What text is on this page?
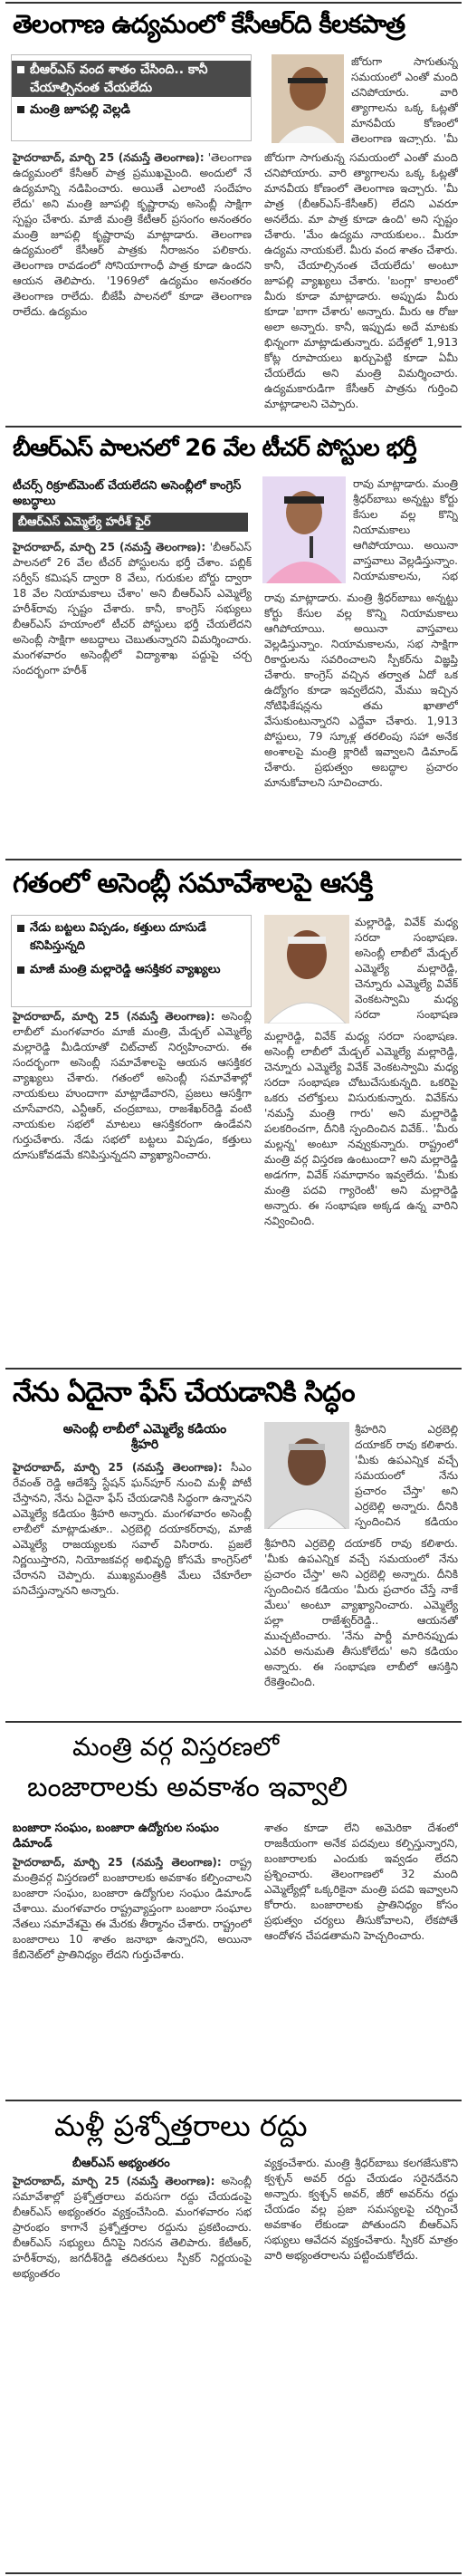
తెలంగాణ ఉద్యమంలో కేసీఆర్‌ది కీలకపాత్ర
బీఆర్‌ఎస్ వంద శాతం చేసింది.. కానీ చేయాల్సినంత చేయలేదు
మంత్రి జూపల్లి వెల్లడి
హైదరాబాద్, మార్చి 25 (నమస్తే తెలంగాణ): 'తెలంగాణ ఉద్యమంలో కేసీఆర్ పాత్ర ప్రముఖమైంది. అందులో నే ఉద్యమాన్ని నడిపించారు. అయితే ఎలాంటి సందేహం లేదు' అని మంత్రి జూపల్లి కృష్ణారావు అసెంబ్లీ సాక్షిగా స్పష్టం చేశారు. మాజీ మంత్రి కేటీఆర్ ప్రసంగం అనంతరం మంత్రి జూపల్లి కృష్ణారావు మాట్లాడారు. తెలంగాణ ఉద్యమంలో కేసీఆర్ పాత్రకు నీరాజనం పలికారు. తెలంగాణ రావడంలో సోనియాగాంధీ పాత్ర కూడా ఉందని ఆయన తెలిపారు. '1969లో ఉద్యమం అనంతరం తెలంగాణ రాలేదు. బీజేపీ పాలనలో కూడా తెలంగాణ రాలేదు. ఉద్యమం
జోరుగా సాగుతున్న సమయంలో ఎంతో మంది చనిపోయారు. వారి త్యాగాలను ఒక్క ఓట్లతో మానవీయ కోణంలో తెలంగాణ ఇచ్చారు. 'మీ
జోరుగా సాగుతున్న సమయంలో ఎంతో మంది చనిపోయారు. వారి త్యాగాలను ఒక్క ఓట్లతో మానవీయ కోణంలో తెలంగాణ ఇచ్చారు. 'మీ పాత్ర (బీఆర్‌ఎస్-కేసీఆర్) లేదని ఎవరూ అనలేదు. మా పాత్ర కూడా ఉంది' అని స్పష్టం చేశారు. 'మేం ఉద్యమ నాయకులం.. మీరూ ఉద్యమ నాయకులే. మీరు వంద శాతం చేశారు. కానీ, చేయాల్సినంత చేయలేదు' అంటూ జూపల్లి వ్యాఖ్యలు చేశారు. 'బంగ్లా' కాలంలో మీరు కూడా మాట్లాడారు. అప్పుడు మీరు కూడా 'బాగా చేశారు' అన్నారు. మీరు ఆ రోజు అలా అన్నారు. కానీ, ఇప్పుడు అదే మాటకు భిన్నంగా మాట్లాడుతున్నారు. పదేళ్లలో 1,913 కోట్ల రూపాయలు ఖర్చుపెట్టి కూడా ఏమీ చేయలేదు అని మంత్రి విమర్శించారు. ఉద్యమకారుడిగా కేసీఆర్ పాత్రను గుర్తించి మాట్లాడాలని చెప్పారు.
బీఆర్‌ఎస్ పాలనలో 26 వేల టీచర్ పోస్టుల భర్తీ
టీచర్స్ రిక్రూట్‌మెంట్‌ చేయలేదని అసెంబ్లీలో కాంగ్రెస్ అబద్ధాలు
బీఆర్‌ఎస్ ఎమ్మెల్యే హరీశ్ ఫైర్
హైదరాబాద్, మార్చి 25 (నమస్తే తెలంగాణ): 'బీఆర్‌ఎస్ పాలనలో 26 వేల టీచర్ పోస్టులను భర్తీ చేశాం. పబ్లిక్ సర్వీస్ కమిషన్ ద్వారా 8 వేలు, గురుకుల బోర్డు ద్వారా 18 వేల నియామకాలు చేశాం' అని బీఆర్‌ఎస్ ఎమ్మెల్యే హరీశ్‌రావు స్పష్టం చేశారు. కానీ, కాంగ్రెస్ సభ్యులు బీఆర్‌ఎస్ హయాంలో టీచర్ పోస్టులు భర్తీ చేయలేదని అసెంబ్లీ సాక్షిగా అబద్ధాలు చెబుతున్నారని విమర్శించారు. మంగళవారం అసెంబ్లీలో విద్యాశాఖ పద్దుపై చర్చ సందర్భంగా హరీశ్
రావు మాట్లాడారు. మంత్రి శ్రీధర్‌బాబు అన్నట్టు కోర్టు కేసుల వల్ల కొన్ని నియామకాలు ఆగిపోయాయి. అయినా వాస్తవాలు వెల్లడిస్తున్నాం. నియామకాలను, సభ
రావు మాట్లాడారు. మంత్రి శ్రీధర్‌బాబు అన్నట్టు కోర్టు కేసుల వల్ల కొన్ని నియామకాలు ఆగిపోయాయి. అయినా వాస్తవాలు వెల్లడిస్తున్నాం. నియామకాలను, సభ సాక్షిగా రికార్డులను సవరించాలని స్పీకర్‌ను విజ్ఞప్తి చేశారు. కాంగ్రెస్ వచ్చిన తర్వాత ఏదో ఒక ఉద్యోగం కూడా ఇవ్వలేదని, మేము ఇచ్చిన నోటిఫికేషన్లను తమ ఖాతాలో వేసుకుంటున్నారని ఎద్దేవా చేశారు. 1,913 పోస్టులు, 79 స్కూళ్ల తరలింపు సహా అనేక అంశాలపై మంత్రి క్లారిటీ ఇవ్వాలని డిమాండ్ చేశారు. ప్రభుత్వం అబద్ధాల ప్రచారం మానుకోవాలని సూచించారు.
గతంలో అసెంబ్లీ సమావేశాలపై ఆసక్తి
నేడు బట్టలు విప్పడం, కత్తులు దూసుడే కనిపిస్తున్నది
మాజీ మంత్రి మల్లారెడ్డి ఆసక్తికర వ్యాఖ్యలు
హైదరాబాద్, మార్చి 25 (నమస్తే తెలంగాణ): అసెంబ్లీ లాబీలో మంగళవారం మాజీ మంత్రి, మేడ్చల్ ఎమ్మెల్యే మల్లారెడ్డి మీడియాతో చిట్‌చాట్ నిర్వహించారు. ఈ సందర్భంగా అసెంబ్లీ సమావేశాలపై ఆయన ఆసక్తికర వ్యాఖ్యలు చేశారు. గతంలో అసెంబ్లీ సమావేశాల్లో నాయకులు హుందాగా మాట్లాడేవారని, ప్రజలు ఆసక్తిగా చూసేవారని, ఎన్టీఆర్, చంద్రబాబు, రాజశేఖర్‌రెడ్డి వంటి నాయకుల సభలో మాటలు ఆసక్తికరంగా ఉండేవని గుర్తుచేశారు. నేడు సభలో బట్టలు విప్పడం, కత్తులు దూసుకోవడమే కనిపిస్తున్నదని వ్యాఖ్యానించారు.
మల్లారెడ్డి, వివేక్ మధ్య సరదా సంభాషణ. అసెంబ్లీ లాబీలో మేడ్చల్ ఎమ్మెల్యే మల్లారెడ్డి, చెన్నూరు ఎమ్మెల్యే వివేక్ వెంకటస్వామి మధ్య సరదా సంభాషణ
మల్లారెడ్డి, వివేక్ మధ్య సరదా సంభాషణ. అసెంబ్లీ లాబీలో మేడ్చల్ ఎమ్మెల్యే మల్లారెడ్డి, చెన్నూరు ఎమ్మెల్యే వివేక్ వెంకటస్వామి మధ్య సరదా సంభాషణ చోటుచేసుకున్నది. ఒకరిపై ఒకరు చలోక్తులు విసురుకున్నారు. వివేక్‌ను 'నమస్తే మంత్రి గారు' అని మల్లారెడ్డి పలకరించగా, దీనికి స్పందించిన వివేక్.. 'మీరు మల్లన్న' అంటూ నవ్వుకున్నారు. రాష్ట్రంలో మంత్రి వర్గ విస్తరణ ఉంటుందా? అని మల్లారెడ్డి అడగగా, వివేక్ సమాధానం ఇవ్వలేదు. 'మీకు మంత్రి పదవి గ్యారెంటీ' అని మల్లారెడ్డి అన్నారు. ఈ సంభాషణ అక్కడ ఉన్న వారిని నవ్వించింది.
నేను ఏదైనా ఫేస్ చేయడానికి సిద్ధం
అసెంబ్లీ లాబీలో ఎమ్మెల్యే కడియం శ్రీహరి
హైదరాబాద్, మార్చి 25 (నమస్తే తెలంగాణ): సీఎం రేవంత్ రెడ్డి ఆదేశిస్తే స్టేషన్ ఘన్‌పూర్ నుంచి మళ్లీ పోటీ చేస్తానని, నేను ఏదైనా ఫేస్ చేయడానికి సిద్ధంగా ఉన్నానని ఎమ్మెల్యే కడియం శ్రీహరి అన్నారు. మంగళవారం అసెంబ్లీ లాబీలో మాట్లాడుతూ.. ఎర్రబెల్లి దయాకర్‌రావు, మాజీ ఎమ్మెల్యే రాజయ్యలకు సవాల్ విసిరారు. ప్రజలే నిర్ణయిస్తారని, నియోజకవర్గ అభివృద్ధి కోసమే కాంగ్రెస్‌లో చేరానని చెప్పారు. ముఖ్యమంత్రికి మేలు చేకూరేలా పనిచేస్తున్నానని అన్నారు.
శ్రీహరిని ఎర్రబెల్లి దయాకర్ రావు కలిశారు. 'మీకు ఉపఎన్నిక వచ్చే సమయంలో నేను ప్రచారం చేస్తా' అని ఎర్రబెల్లి అన్నారు. దీనికి స్పందించిన కడియం
శ్రీహరిని ఎర్రబెల్లి దయాకర్ రావు కలిశారు. 'మీకు ఉపఎన్నిక వచ్చే సమయంలో నేను ప్రచారం చేస్తా' అని ఎర్రబెల్లి అన్నారు. దీనికి స్పందించిన కడియం 'మీరు ప్రచారం చేస్తే నాకే మేలు' అంటూ వ్యాఖ్యానించారు. ఎమ్మెల్యే పల్లా రాజేశ్వర్‌రెడ్డి.. ఆయనతో ముచ్చటించారు. 'నేను పార్టీ మారినప్పుడు ఎవరి అనుమతి తీసుకోలేదు' అని కడియం అన్నారు. ఈ సంభాషణ లాబీలో ఆసక్తిని రేకెత్తించింది.
మంత్రి వర్గ విస్తరణలో
బంజారాలకు అవకాశం ఇవ్వాలి
బంజారా సంఘం, బంజారా ఉద్యోగుల సంఘం డిమాండ్
హైదరాబాద్, మార్చి 25 (నమస్తే తెలంగాణ): రాష్ట్ర మంత్రివర్గ విస్తరణలో బంజారాలకు అవకాశం కల్పించాలని బంజారా సంఘం, బంజారా ఉద్యోగుల సంఘం డిమాండ్ చేశాయి. మంగళవారం రాష్ట్రవ్యాప్తంగా బంజారా సంఘాల నేతలు సమావేశమై ఈ మేరకు తీర్మానం చేశారు. రాష్ట్రంలో బంజారాలు 10 శాతం జనాభా ఉన్నారని, అయినా కేబినెట్‌లో ప్రాతినిధ్యం లేదని గుర్తుచేశారు.
శాతం కూడా లేని అమెరికా దేశంలో రాజకీయంగా అనేక పదవులు కల్పిస్తున్నారని, బంజారాలకు ఎందుకు ఇవ్వడం లేదని ప్రశ్నించారు. తెలంగాణలో 32 మంది ఎమ్మెల్యేల్లో ఒక్కరికైనా మంత్రి పదవి ఇవ్వాలని కోరారు. బంజారాలకు ప్రాతినిధ్యం కోసం ప్రభుత్వం చర్యలు తీసుకోవాలని, లేకపోతే ఆందోళన చేపడతామని హెచ్చరించారు.
మళ్లీ ప్రశ్నోత్తరాలు రద్దు
బీఆర్‌ఎస్ అభ్యంతరం
హైదరాబాద్, మార్చి 25 (నమస్తే తెలంగాణ): అసెంబ్లీ సమావేశాల్లో ప్రశ్నోత్తరాలు వరుసగా రద్దు చేయడంపై బీఆర్‌ఎస్ అభ్యంతరం వ్యక్తంచేసింది. మంగళవారం సభ ప్రారంభం కాగానే ప్రశ్నోత్తరాల రద్దును ప్రకటించారు. బీఆర్‌ఎస్ సభ్యులు దీనిపై నిరసన తెలిపారు. కేటీఆర్, హరీశ్‌రావు, జగదీశ్‌రెడ్డి తదితరులు స్పీకర్‌ నిర్ణయంపై అభ్యంతరం
వ్యక్తంచేశారు. మంత్రి శ్రీధర్‌బాబు కలగజేసుకొని క్వశ్చన్ అవర్ రద్దు చేయడం సరైనదేనని అన్నారు. క్వశ్చన్ అవర్, జీరో అవర్‌ను రద్దు చేయడం వల్ల ప్రజా సమస్యలపై చర్చించే అవకాశం లేకుండా పోతుందని బీఆర్‌ఎస్ సభ్యులు ఆవేదన వ్యక్తంచేశారు. స్పీకర్ మాత్రం వారి అభ్యంతరాలను పట్టించుకోలేదు.
